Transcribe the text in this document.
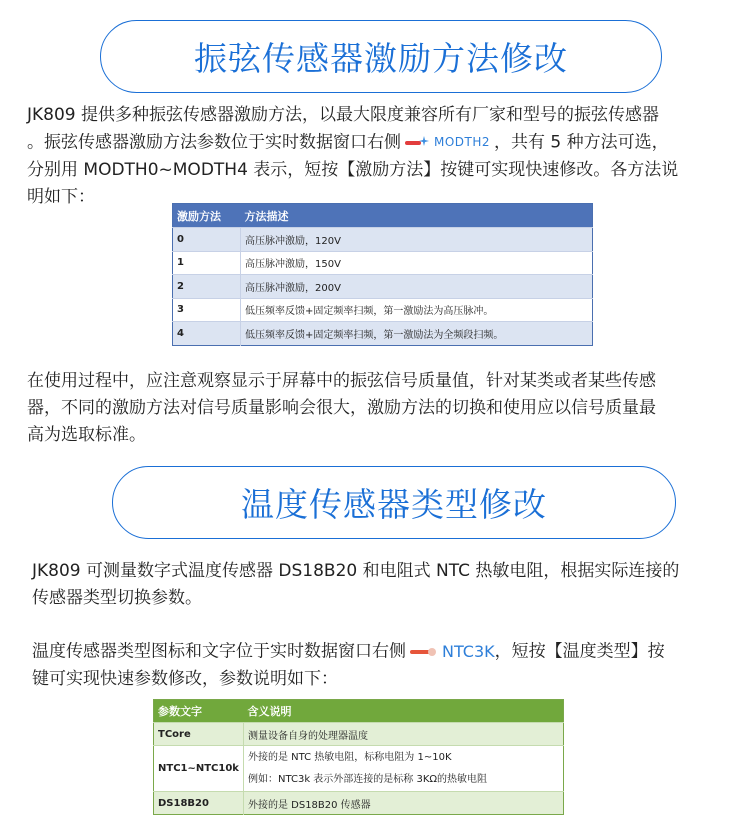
振弦传感器激励方法修改
JK809 提供多种振弦传感器激励方法，以最大限度兼容所有厂家和型号的振弦传感器
。振弦传感器激励方法参数位于实时数据窗口右侧	MODTH2 ，共有 5 种方法可选，
分别用 MODTH0~MODTH4 表示，短按【激励方法】按键可实现快速修改。各方法说
明如下：
激励方法	方法描述
0	高压脉冲激励，120V
1	高压脉冲激励，150V
2	高压脉冲激励，200V
3	低压频率反馈+固定频率扫频，第一激励法为高压脉冲。
4	低压频率反馈+固定频率扫频，第一激励法为全频段扫频。
在使用过程中，应注意观察显示于屏幕中的振弦信号质量值，针对某类或者某些传感
器，不同的激励方法对信号质量影响会很大，激励方法的切换和使用应以信号质量最
高为选取标准。
温度传感器类型修改
JK809 可测量数字式温度传感器 DS18B20 和电阻式 NTC 热敏电阻，根据实际连接的
传感器类型切换参数。
温度传感器类型图标和文字位于实时数据窗口右侧 NTC3K，短按【温度类型】按
键可实现快速参数修改，参数说明如下：
参数文字	含义说明
TCore	测量设备自身的处理器温度
NTC1~NTC10k	外接的是 NTC 热敏电阻，标称电阻为 1~10K
例如：NTC3k 表示外部连接的是标称 3KΩ的热敏电阻

DS18B20	外接的是 DS18B20 传感器
